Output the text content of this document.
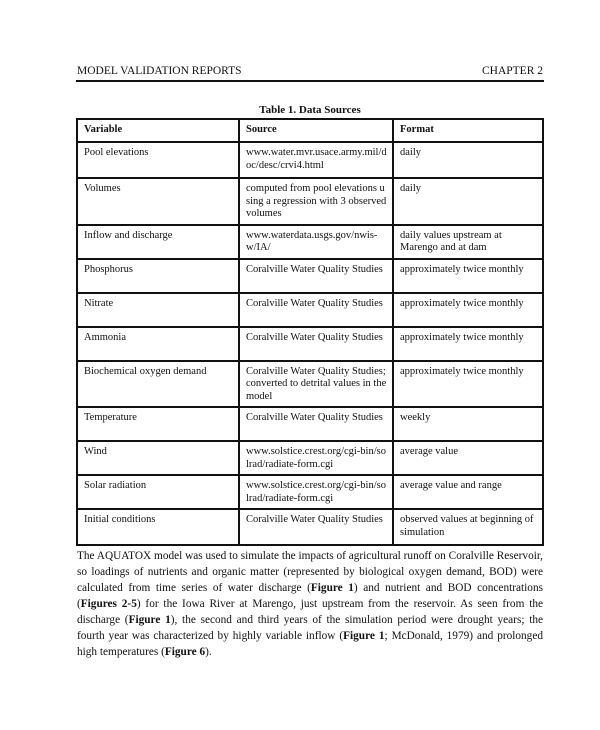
MODEL VALIDATION REPORTS	CHAPTER 2
Table 1. Data Sources
Variable	Source	Format
Pool elevations	www.water.mvr.usace.army.mil/doc/desc/crvi4.html	daily
Volumes	computed from pool elevations using a regression with 3 observed volumes	daily
Inflow and discharge	www.waterdata.usgs.gov/nwis-w/IA/	daily values upstream at Marengo and at dam
Phosphorus	Coralville Water Quality Studies	approximately twice monthly
Nitrate	Coralville Water Quality Studies	approximately twice monthly
Ammonia	Coralville Water Quality Studies	approximately twice monthly
Biochemical oxygen demand	Coralville Water Quality Studies; converted to detrital values in the model	approximately twice monthly
Temperature	Coralville Water Quality Studies	weekly
Wind	www.solstice.crest.org/cgi-bin/solrad/radiate-form.cgi	average value
Solar radiation	www.solstice.crest.org/cgi-bin/solrad/radiate-form.cgi	average value and range
Initial conditions	Coralville Water Quality Studies	observed values at beginning of simulation
The AQUATOX model was used to simulate the impacts of agricultural runoff on Coralville Reservoir, so loadings of nutrients and organic matter (represented by biological oxygen demand, BOD) were calculated from time series of water discharge (Figure 1) and nutrient and BOD concentrations (Figures 2-5) for the Iowa River at Marengo, just upstream from the reservoir. As seen from the discharge (Figure 1), the second and third years of the simulation period were drought years; the fourth year was characterized by highly variable inflow (Figure 1; McDonald, 1979) and prolonged high temperatures (Figure 6).
